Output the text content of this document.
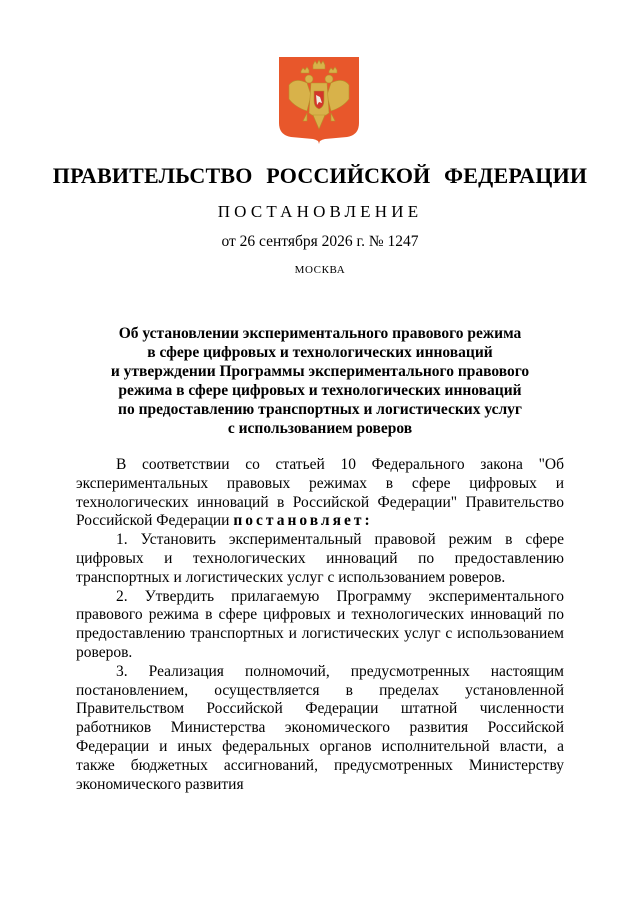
ПРАВИТЕЛЬСТВО РОССИЙСКОЙ ФЕДЕРАЦИИ
ПОСТАНОВЛЕНИЕ
от 26 сентября 2026 г. № 1247
МОСКВА
Об установлении экспериментального правового режима
в сфере цифровых и технологических инноваций
и утверждении Программы экспериментального правового
режима в сфере цифровых и технологических инноваций
по предоставлению транспортных и логистических услуг
с использованием роверов

В соответствии со статьей 10 Федерального закона "Об экспериментальных правовых режимах в сфере цифровых и технологических инноваций в Российской Федерации" Правительство Российской Федерации постановляет:

1. Установить экспериментальный правовой режим в сфере цифровых и технологических инноваций по предоставлению транспортных и логистических услуг с использованием роверов.

2. Утвердить прилагаемую Программу экспериментального правового режима в сфере цифровых и технологических инноваций по предоставлению транспортных и логистических услуг с использованием роверов.

3. Реализация полномочий, предусмотренных настоящим постановлением, осуществляется в пределах установленной Правительством Российской Федерации штатной численности работников Министерства экономического развития Российской Федерации и иных федеральных органов исполнительной власти, а также бюджетных ассигнований, предусмотренных Министерству экономического развития
